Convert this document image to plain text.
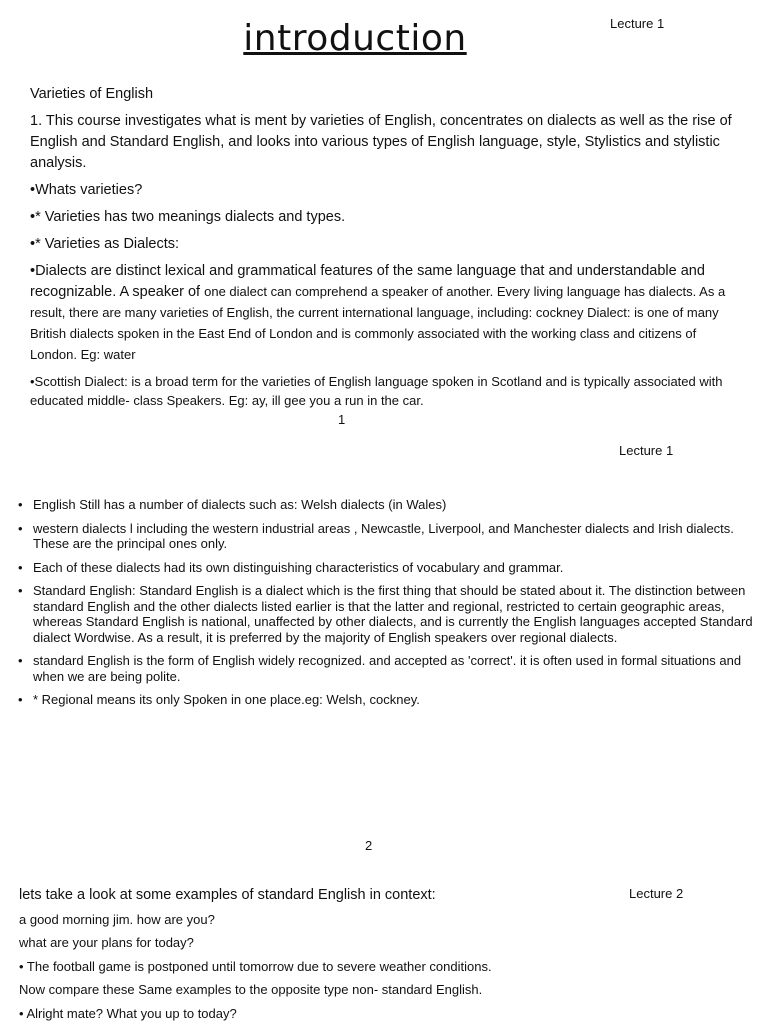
introduction	Lecture 1
Varieties of English
1. This course investigates what is ment by varieties of English, concentrates on dialects as well as the rise of English and Standard English, and looks into various types of English language, style, Stylistics and stylistic analysis.
•Whats varieties?
•* Varieties has two meanings dialects and types.
•* Varieties as Dialects:
•Dialects are distinct lexical and grammatical features of the same language that and understandable and recognizable. A speaker of one dialect can comprehend a speaker of another. Every living language has dialects. As a result, there are many varieties of English, the current international language, including: cockney Dialect: is one of many British dialects spoken in the East End of London and is commonly associated with the working class and citizens of London. Eg: water
•Scottish Dialect: is a broad term for the varieties of English language spoken in Scotland and is typically associated with educated middle- class Speakers. Eg: ay, ill gee you a run in the car.
1
Lecture 1
• English Still has a number of dialects such as: Welsh dialects (in Wales)
• western dialects l including the western industrial areas , Newcastle, Liverpool, and Manchester dialects and Irish dialects. These are the principal ones only.
• Each of these dialects had its own distinguishing characteristics of vocabulary and grammar.
• Standard English: Standard English is a dialect which is the first thing that should be stated about it. The distinction between standard English and the other dialects listed earlier is that the latter and regional, restricted to certain geographic areas, whereas Standard English is national, unaffected by other dialects, and is currently the English languages accepted Standard dialect Wordwise. As a result, it is preferred by the majority of English speakers over regional dialects.
• standard English is the form of English widely recognized. and accepted as 'correct'. it is often used in formal situations and when we are being polite.
• * Regional means its only Spoken in one place.eg: Welsh, cockney.
2
Lecture 2
lets take a look at some examples of standard English in context:
a good morning jim. how are you?
what are your plans for today?
• The football game is postponed until tomorrow due to severe weather conditions.
Now compare these Same examples to the opposite type non- standard English.
• Alright mate? What you up to today?
